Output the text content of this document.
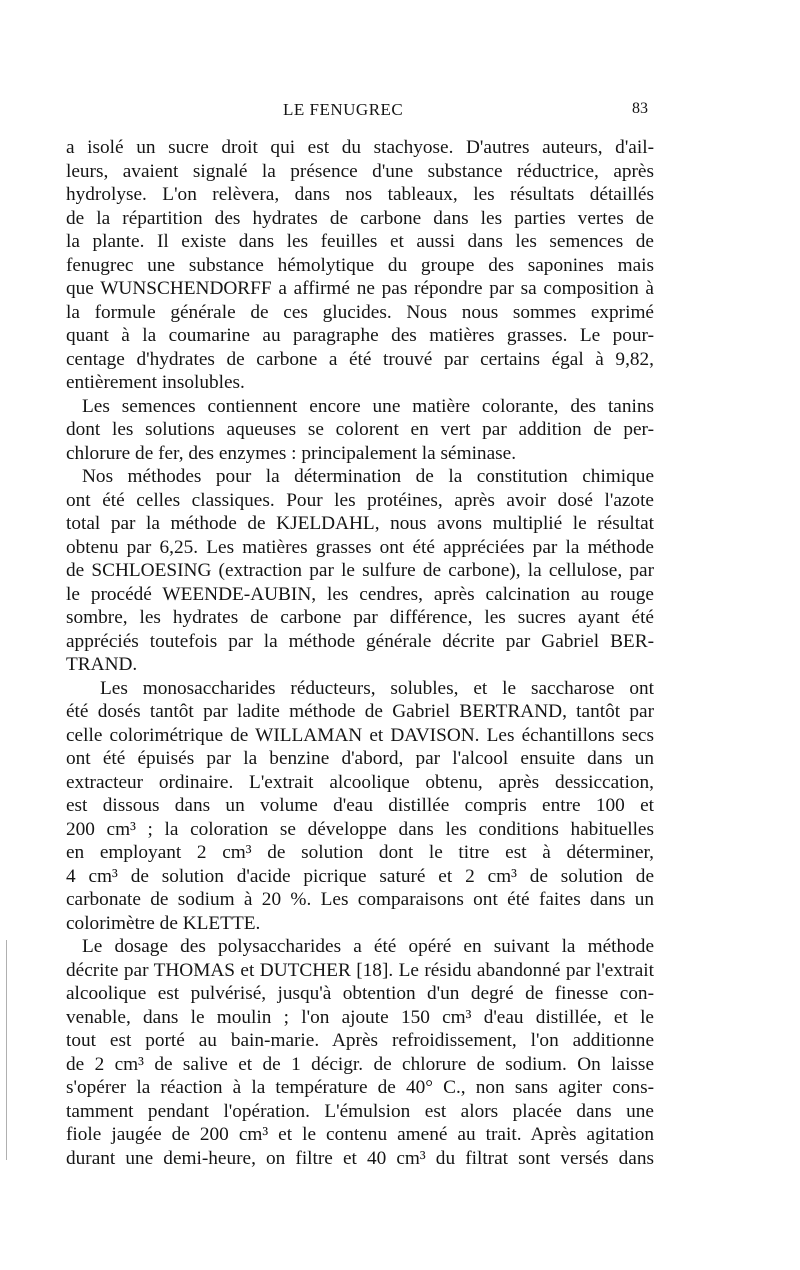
LE FENUGREC	83
a isolé un sucre droit qui est du stachyose. D'autres auteurs, d'ail-
leurs, avaient signalé la présence d'une substance réductrice, après
hydrolyse. L'on relèvera, dans nos tableaux, les résultats détaillés
de la répartition des hydrates de carbone dans les parties vertes de
la plante. Il existe dans les feuilles et aussi dans les semences de
fenugrec une substance hémolytique du groupe des saponines mais
que WUNSCHENDORFF a affirmé ne pas répondre par sa composition à
la formule générale de ces glucides. Nous nous sommes exprimé
quant à la coumarine au paragraphe des matières grasses. Le pour-
centage d'hydrates de carbone a été trouvé par certains égal à 9,82,
entièrement insolubles.
Les semences contiennent encore une matière colorante, des tanins
dont les solutions aqueuses se colorent en vert par addition de per-
chlorure de fer, des enzymes : principalement la séminase.
Nos méthodes pour la détermination de la constitution chimique
ont été celles classiques. Pour les protéines, après avoir dosé l'azote
total par la méthode de KJELDAHL, nous avons multiplié le résultat
obtenu par 6,25. Les matières grasses ont été appréciées par la méthode
de SCHLOESING (extraction par le sulfure de carbone), la cellulose, par
le procédé WEENDE-AUBIN, les cendres, après calcination au rouge
sombre, les hydrates de carbone par différence, les sucres ayant été
appréciés toutefois par la méthode générale décrite par Gabriel BER-
TRAND.
Les monosaccharides réducteurs, solubles, et le saccharose ont
été dosés tantôt par ladite méthode de Gabriel BERTRAND, tantôt par
celle colorimétrique de WILLAMAN et DAVISON. Les échantillons secs
ont été épuisés par la benzine d'abord, par l'alcool ensuite dans un
extracteur ordinaire. L'extrait alcoolique obtenu, après dessiccation,
est dissous dans un volume d'eau distillée compris entre 100 et
200 cm³ ; la coloration se développe dans les conditions habituelles
en employant 2 cm³ de solution dont le titre est à déterminer,
4 cm³ de solution d'acide picrique saturé et 2 cm³ de solution de
carbonate de sodium à 20 %. Les comparaisons ont été faites dans un
colorimètre de KLETTE.
Le dosage des polysaccharides a été opéré en suivant la méthode
décrite par THOMAS et DUTCHER [18]. Le résidu abandonné par l'extrait
alcoolique est pulvérisé, jusqu'à obtention d'un degré de finesse con-
venable, dans le moulin ; l'on ajoute 150 cm³ d'eau distillée, et le
tout est porté au bain-marie. Après refroidissement, l'on additionne
de 2 cm³ de salive et de 1 décigr. de chlorure de sodium. On laisse
s'opérer la réaction à la température de 40° C., non sans agiter cons-
tamment pendant l'opération. L'émulsion est alors placée dans une
fiole jaugée de 200 cm³ et le contenu amené au trait. Après agitation
durant une demi-heure, on filtre et 40 cm³ du filtrat sont versés dans
